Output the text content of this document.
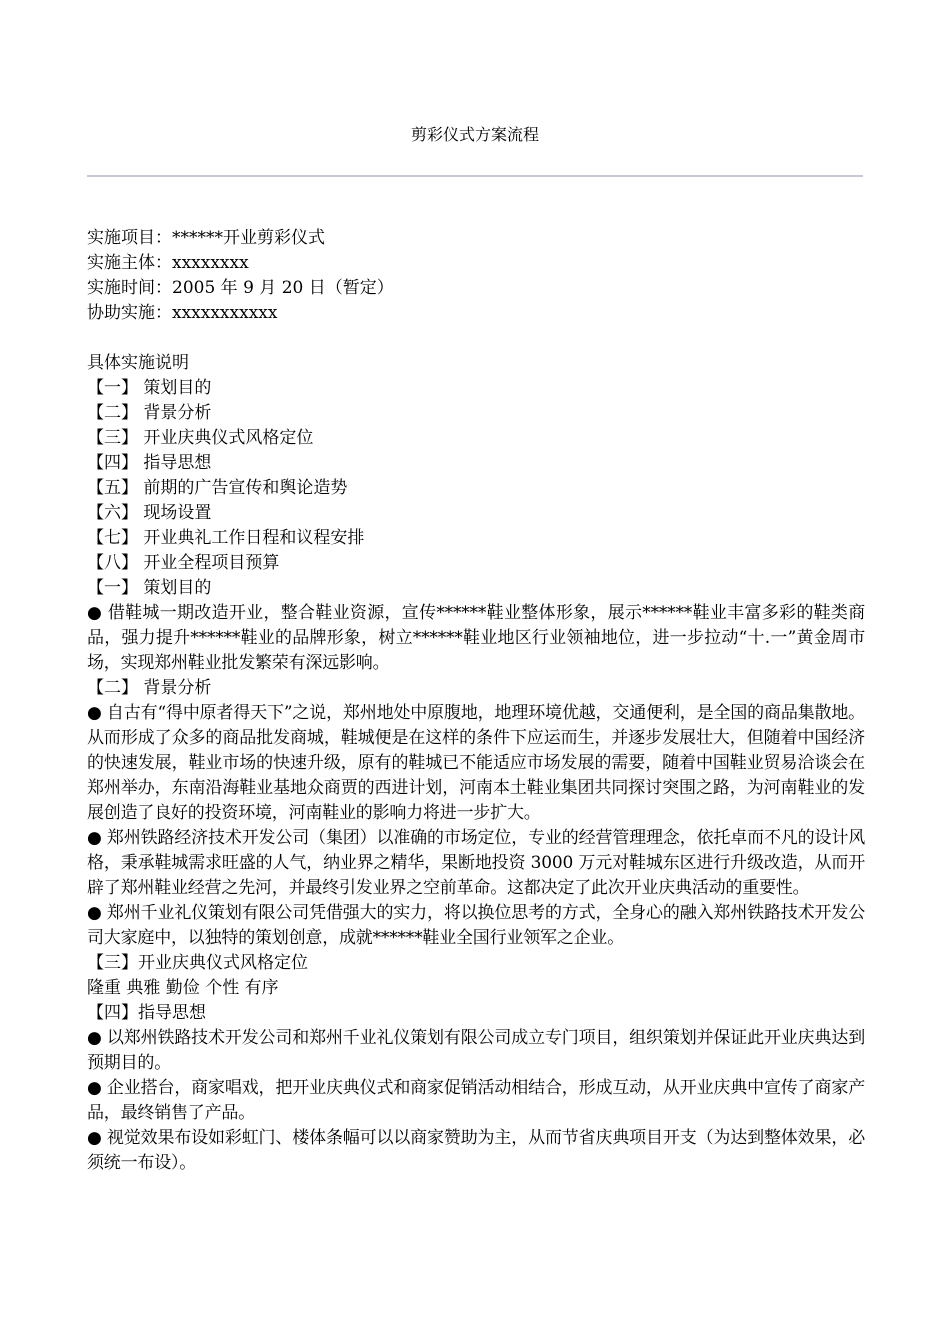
剪彩仪式方案流程
实施项目：******开业剪彩仪式
实施主体：xxxxxxxx
实施时间：2005 年 9 月 20 日（暂定）
协助实施：xxxxxxxxxxx
具体实施说明
【一】 策划目的
【二】 背景分析
【三】 开业庆典仪式风格定位
【四】 指导思想
【五】 前期的广告宣传和舆论造势
【六】 现场设置
【七】 开业典礼工作日程和议程安排
【八】 开业全程项目预算
【一】 策划目的
● 借鞋城一期改造开业，整合鞋业资源，宣传******鞋业整体形象，展示******鞋业丰富多彩的鞋类商品，强力提升******鞋业的品牌形象，树立******鞋业地区行业领袖地位，进一步拉动“十.一”黄金周市场，实现郑州鞋业批发繁荣有深远影响。
【二】 背景分析
● 自古有“得中原者得天下”之说，郑州地处中原腹地，地理环境优越，交通便利，是全国的商品集散地。从而形成了众多的商品批发商城，鞋城便是在这样的条件下应运而生，并逐步发展壮大，但随着中国经济的快速发展，鞋业市场的快速升级，原有的鞋城已不能适应市场发展的需要，随着中国鞋业贸易洽谈会在郑州举办，东南沿海鞋业基地众商贾的西进计划，河南本土鞋业集团共同探讨突围之路，为河南鞋业的发展创造了良好的投资环境，河南鞋业的影响力将进一步扩大。
● 郑州铁路经济技术开发公司（集团）以准确的市场定位，专业的经营管理理念，依托卓而不凡的设计风格，秉承鞋城需求旺盛的人气，纳业界之精华，果断地投资 3000 万元对鞋城东区进行升级改造，从而开辟了郑州鞋业经营之先河，并最终引发业界之空前革命。这都决定了此次开业庆典活动的重要性。
● 郑州千业礼仪策划有限公司凭借强大的实力，将以换位思考的方式，全身心的融入郑州铁路技术开发公司大家庭中，以独特的策划创意，成就******鞋业全国行业领军之企业。
【三】开业庆典仪式风格定位
隆重 典雅 勤俭 个性 有序
【四】指导思想
● 以郑州铁路技术开发公司和郑州千业礼仪策划有限公司成立专门项目，组织策划并保证此开业庆典达到预期目的。
● 企业搭台，商家唱戏，把开业庆典仪式和商家促销活动相结合，形成互动，从开业庆典中宣传了商家产品，最终销售了产品。
● 视觉效果布设如彩虹门、楼体条幅可以以商家赞助为主，从而节省庆典项目开支（为达到整体效果，必须统一布设）。
